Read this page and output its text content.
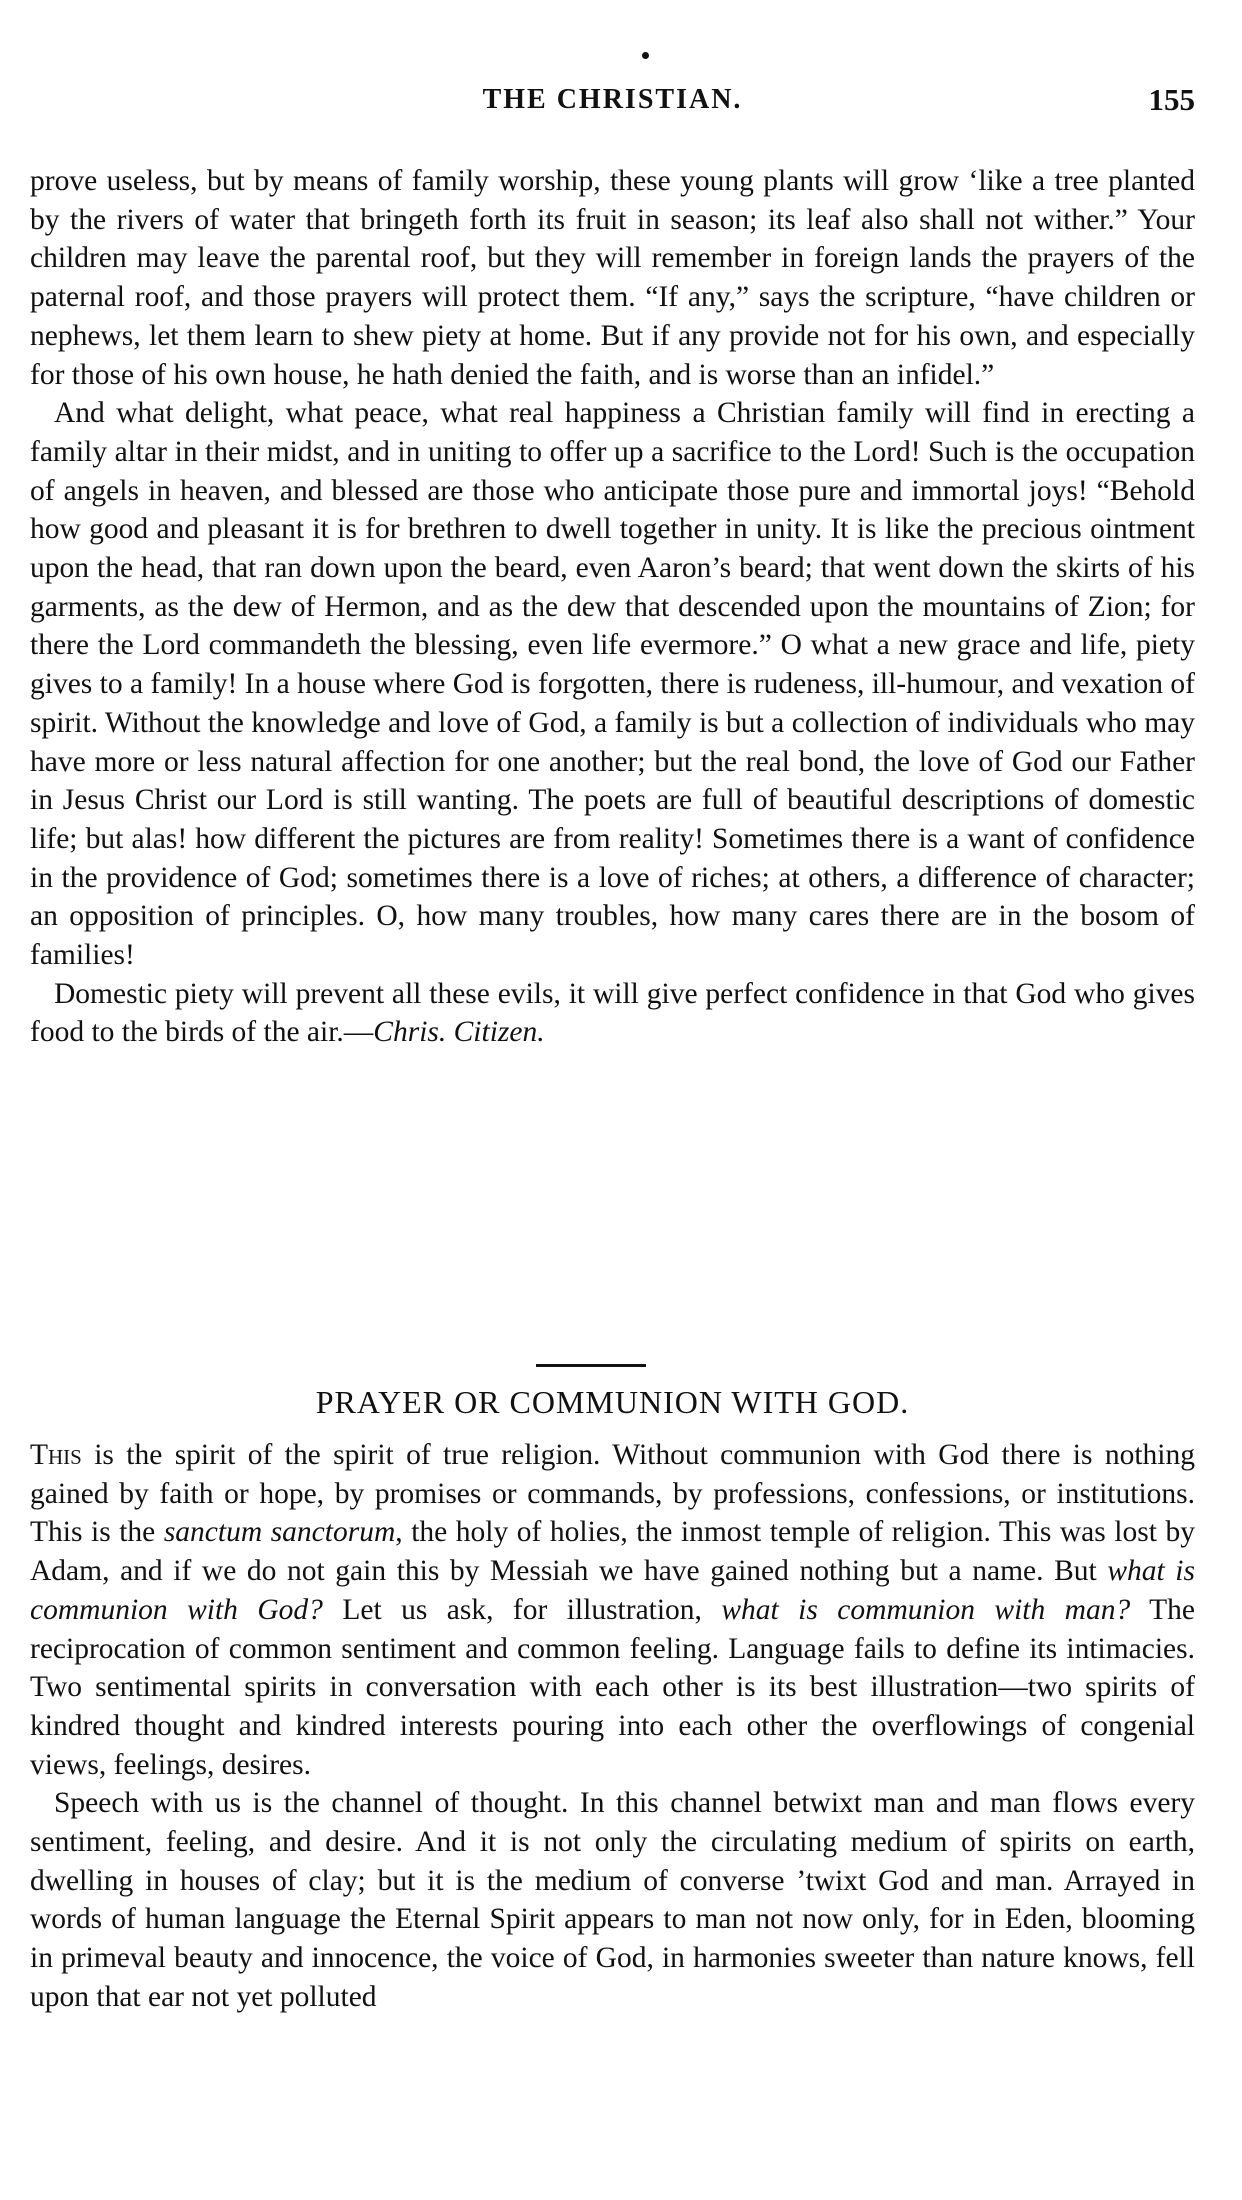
THE CHRISTIAN.	155

prove useless, but by means of family worship, these young plants will grow ‘like a tree planted by the rivers of water that bringeth forth its fruit in season; its leaf also shall not wither.” Your children may leave the parental roof, but they will remember in foreign lands the prayers of the paternal roof, and those prayers will protect them. “If any,” says the scripture, “have children or nephews, let them learn to shew piety at home. But if any provide not for his own, and especially for those of his own house, he hath denied the faith, and is worse than an infidel.”

And what delight, what peace, what real happiness a Christian family will find in erecting a family altar in their midst, and in uniting to offer up a sacrifice to the Lord! Such is the occupation of angels in heaven, and blessed are those who anticipate those pure and immortal joys! “Behold how good and pleasant it is for brethren to dwell together in unity. It is like the precious ointment upon the head, that ran down upon the beard, even Aaron’s beard; that went down the skirts of his garments, as the dew of Hermon, and as the dew that descended upon the mountains of Zion; for there the Lord commandeth the blessing, even life evermore.” O what a new grace and life, piety gives to a family! In a house where God is forgotten, there is rudeness, ill-humour, and vexation of spirit. Without the knowledge and love of God, a family is but a collection of individuals who may have more or less natural affection for one another; but the real bond, the love of God our Father in Jesus Christ our Lord is still wanting. The poets are full of beautiful descriptions of domestic life; but alas! how different the pictures are from reality! Sometimes there is a want of confidence in the providence of God; sometimes there is a love of riches; at others, a difference of character; an opposition of principles. O, how many troubles, how many cares there are in the bosom of families!

Domestic piety will prevent all these evils, it will give perfect confidence in that God who gives food to the birds of the air.—Chris. Citizen.

PRAYER OR COMMUNION WITH GOD.

This is the spirit of the spirit of true religion. Without communion with God there is nothing gained by faith or hope, by promises or commands, by professions, confessions, or institutions. This is the sanctum sanctorum, the holy of holies, the inmost temple of religion. This was lost by Adam, and if we do not gain this by Messiah we have gained nothing but a name. But what is communion with God? Let us ask, for illustration, what is communion with man? The reciprocation of common sentiment and common feeling. Language fails to define its intimacies. Two sentimental spirits in conversation with each other is its best illustration—two spirits of kindred thought and kindred interests pouring into each other the overflowings of congenial views, feelings, desires.

Speech with us is the channel of thought. In this channel betwixt man and man flows every sentiment, feeling, and desire. And it is not only the circulating medium of spirits on earth, dwelling in houses of clay; but it is the medium of converse ’twixt God and man. Arrayed in words of human language the Eternal Spirit appears to man not now only, for in Eden, blooming in primeval beauty and innocence, the voice of God, in harmonies sweeter than nature knows, fell upon that ear not yet polluted
